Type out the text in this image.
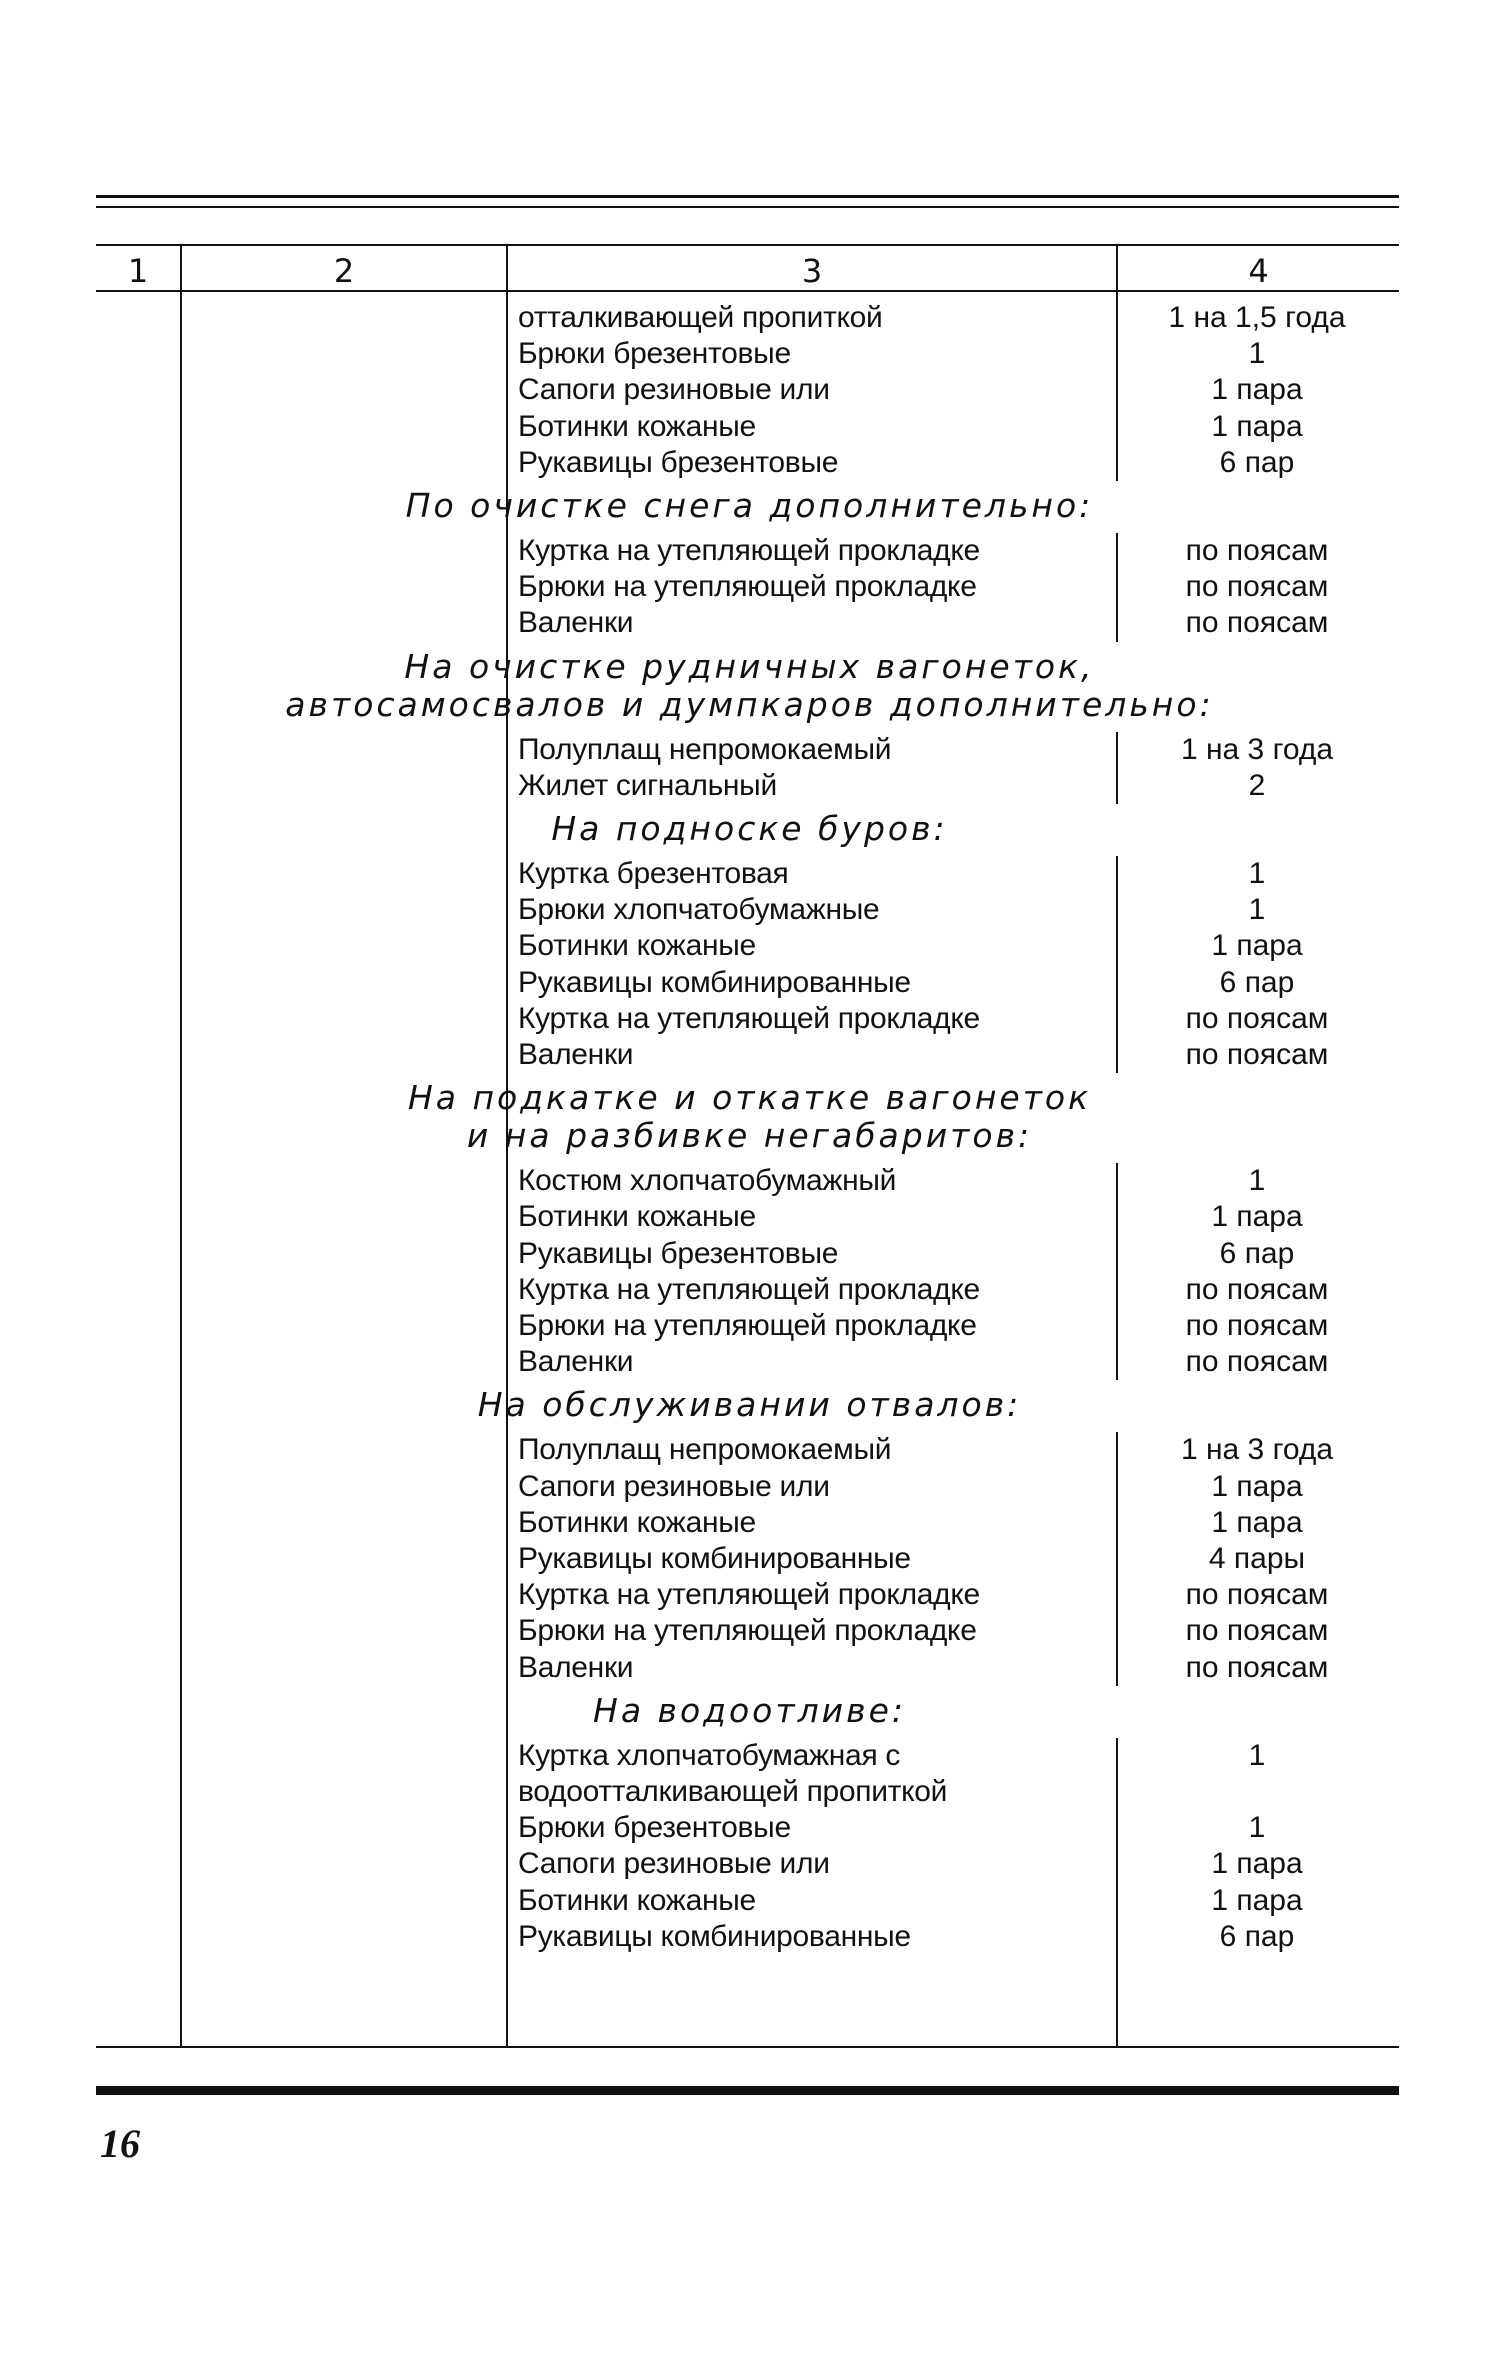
1	2	3	4
отталкивающей пропиткой	1 на 1,5 года
Брюки брезентовые	1
Сапоги резиновые или	1 пара
Ботинки кожаные	1 пара
Рукавицы брезентовые	6 пар
По очистке снега дополнительно:
Куртка на утепляющей прокладке	по поясам
Брюки на утепляющей прокладке	по поясам
Валенки	по поясам
На очистке рудничных вагонеток,
автосамосвалов и думпкаров дополнительно:
Полуплащ непромокаемый	1 на 3 года
Жилет сигнальный	2
На подноске буров:
Куртка брезентовая	1
Брюки хлопчатобумажные	1
Ботинки кожаные	1 пара
Рукавицы комбинированные	6 пар
Куртка на утепляющей прокладке	по поясам
Валенки	по поясам
На подкатке и откатке вагонеток
и на разбивке негабаритов:
Костюм хлопчатобумажный	1
Ботинки кожаные	1 пара
Рукавицы брезентовые	6 пар
Куртка на утепляющей прокладке	по поясам
Брюки на утепляющей прокладке	по поясам
Валенки	по поясам
На обслуживании отвалов:
Полуплащ непромокаемый	1 на 3 года
Сапоги резиновые или	1 пара
Ботинки кожаные	1 пара
Рукавицы комбинированные	4 пары
Куртка на утепляющей прокладке	по поясам
Брюки на утепляющей прокладке	по поясам
Валенки	по поясам
На водоотливе:
Куртка хлопчатобумажная с	1
водоотталкивающей пропиткой
Брюки брезентовые	1
Сапоги резиновые или	1 пара
Ботинки кожаные	1 пара
Рукавицы комбинированные	6 пар
16
